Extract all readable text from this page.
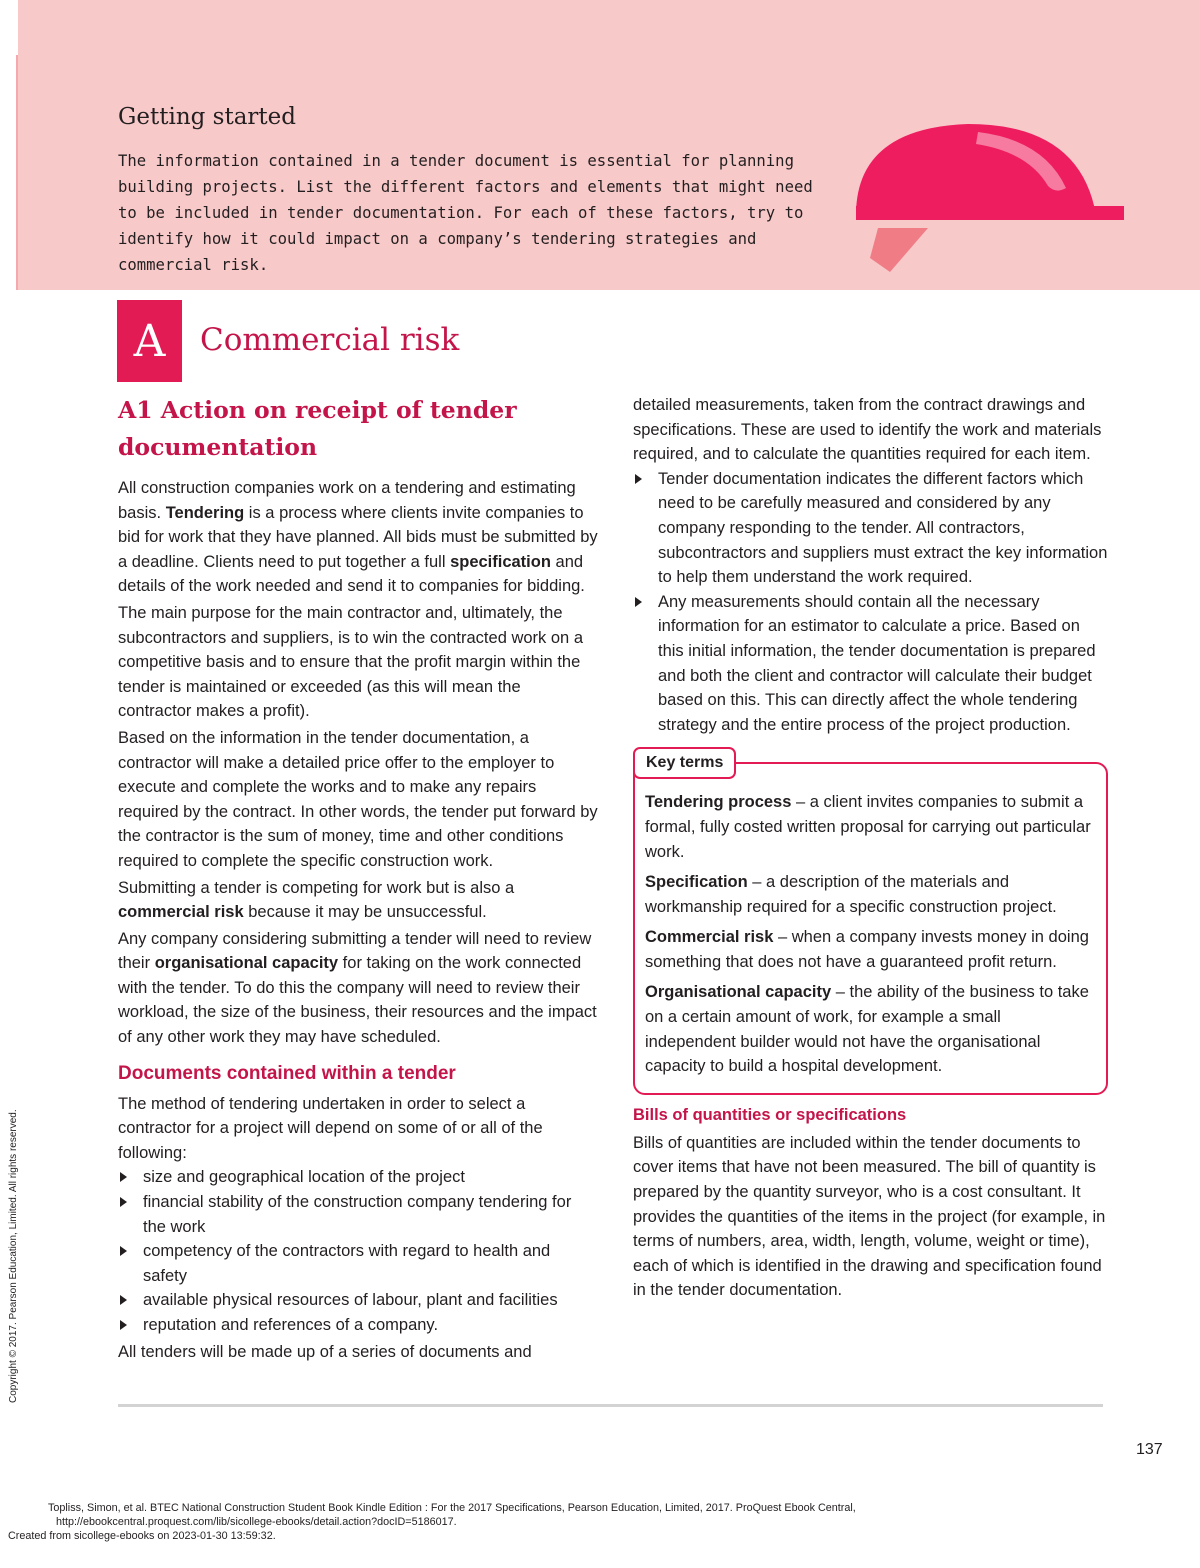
Getting started
The information contained in a tender document is essential for planning building projects. List the different factors and elements that might need to be included in tender documentation. For each of these factors, try to identify how it could impact on a company’s tendering strategies and commercial risk.
A	Commercial risk
A1 Action on receipt of tender documentation

All construction companies work on a tendering and estimating basis. Tendering is a process where clients invite companies to bid for work that they have planned. All bids must be submitted by a deadline. Clients need to put together a full specification and details of the work needed and send it to companies for bidding.

The main purpose for the main contractor and, ultimately, the subcontractors and suppliers, is to win the contracted work on a competitive basis and to ensure that the profit margin within the tender is maintained or exceeded (as this will mean the contractor makes a profit).

Based on the information in the tender documentation, a contractor will make a detailed price offer to the employer to execute and complete the works and to make any repairs required by the contract. In other words, the tender put forward by the contractor is the sum of money, time and other conditions required to complete the specific construction work.

Submitting a tender is competing for work but is also a commercial risk because it may be unsuccessful.

Any company considering submitting a tender will need to review their organisational capacity for taking on the work connected with the tender. To do this the company will need to review their workload, the size of the business, their resources and the impact of any other work they may have scheduled.

Documents contained within a tender

The method of tendering undertaken in order to select a contractor for a project will depend on some of or all of the following:

size and geographical location of the project
financial stability of the construction company tendering for the work
competency of the contractors with regard to health and safety
available physical resources of labour, plant and facilities
reputation and references of a company.

All tenders will be made up of a series of documents and

detailed measurements, taken from the contract drawings and specifications. These are used to identify the work and materials required, and to calculate the quantities required for each item.

Tender documentation indicates the different factors which need to be carefully measured and considered by any company responding to the tender. All contractors, subcontractors and suppliers must extract the key information to help them understand the work required.
Any measurements should contain all the necessary information for an estimator to calculate a price. Based on this initial information, the tender documentation is prepared and both the client and contractor will calculate their budget based on this. This can directly affect the whole tendering strategy and the entire process of the project production.
Key terms

Tendering process – a client invites companies to submit a formal, fully costed written proposal for carrying out particular work.

Specification – a description of the materials and workmanship required for a specific construction project.

Commercial risk – when a company invests money in doing something that does not have a guaranteed profit return.

Organisational capacity – the ability of the business to take on a certain amount of work, for example a small independent builder would not have the organisational capacity to build a hospital development.

Bills of quantities or specifications

Bills of quantities are included within the tender documents to cover items that have not been measured. The bill of quantity is prepared by the quantity surveyor, who is a cost consultant. It provides the quantities of the items in the project (for example, in terms of numbers, area, width, length, volume, weight or time), each of which is identified in the drawing and specification found in the tender documentation.

137
Copyright © 2017. Pearson Education, Limited. All rights reserved.
Topliss, Simon, et al. BTEC National Construction Student Book Kindle Edition : For the 2017 Specifications, Pearson Education, Limited, 2017. ProQuest Ebook Central,
http://ebookcentral.proquest.com/lib/sicollege-ebooks/detail.action?docID=5186017.
Created from sicollege-ebooks on 2023-01-30 13:59:32.
